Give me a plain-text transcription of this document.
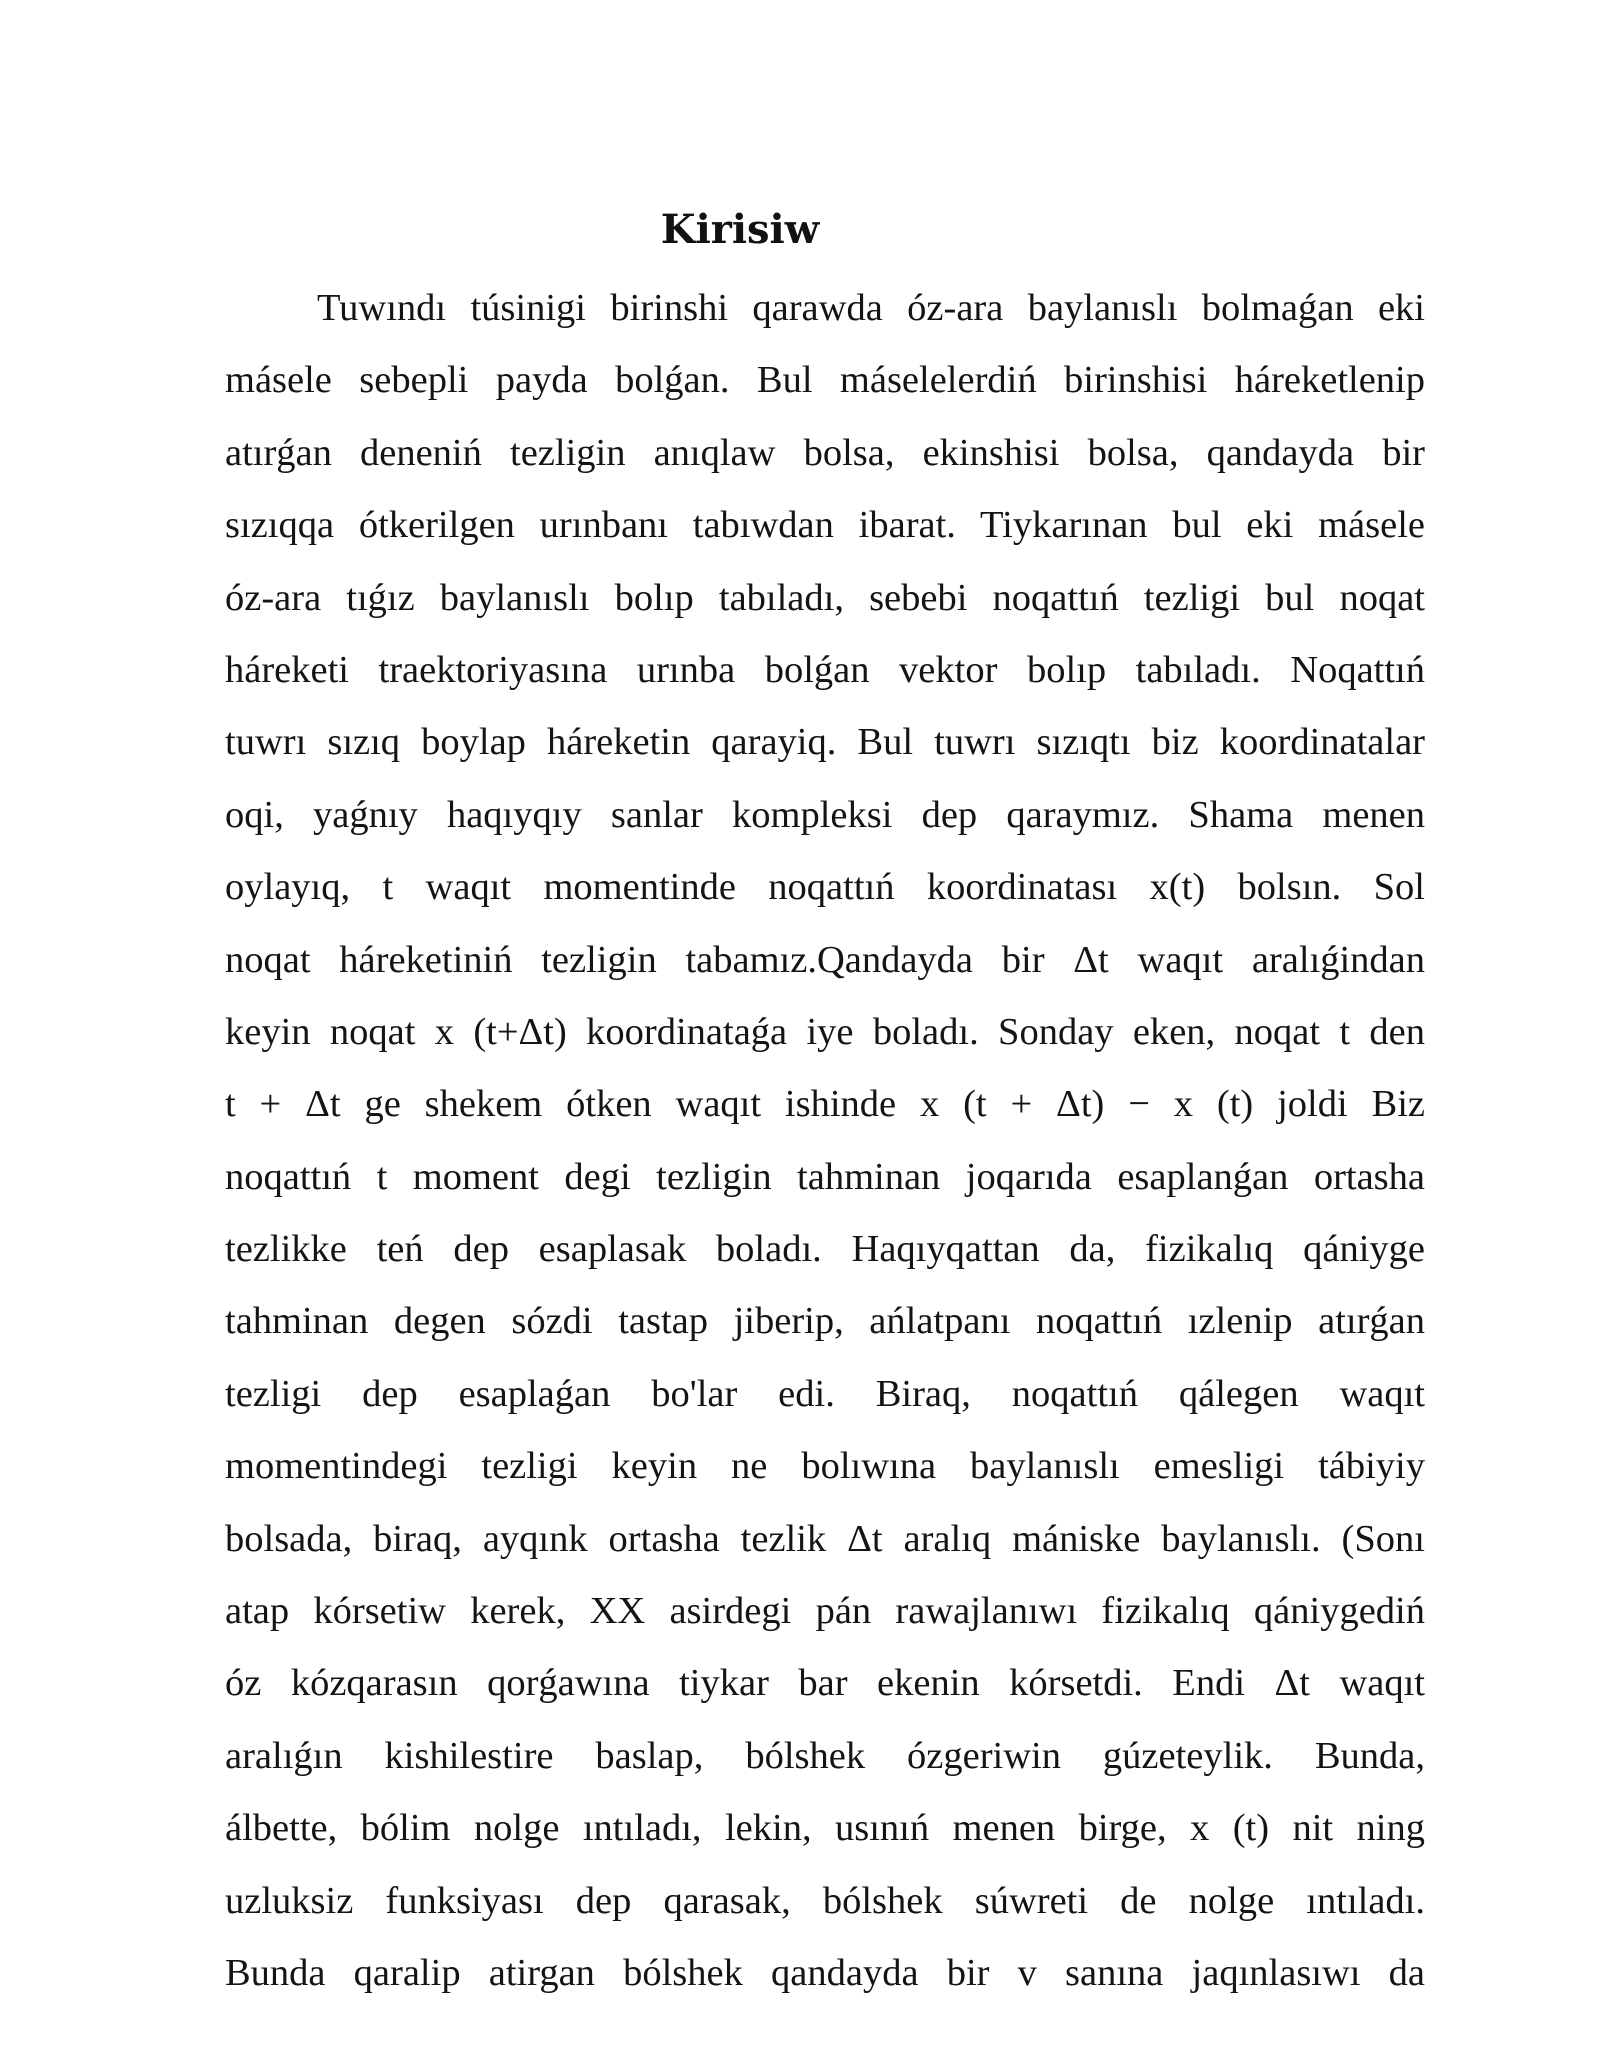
Kirisiw
Tuwındı túsinigi birinshi qarawda óz-ara baylanıslı bolmaǵan eki
másele sebepli payda bolǵan. Bul máselelerdiń birinshisi háreketlenip
atırǵan deneniń tezligin anıqlaw bolsa, ekinshisi bolsa, qandayda bir
sızıqqa ótkerilgen urınbanı tabıwdan ibarat. Tiykarınan bul eki másele
óz-ara tıǵız baylanıslı bolıp tabıladı, sebebi noqattıń tezligi bul noqat
háreketi traektoriyasına urınba bolǵan vektor bolıp tabıladı. Noqattıń
tuwrı sızıq boylap háreketin qarayiq. Bul tuwrı sızıqtı biz koordinatalar
oqi, yaǵnıy haqıyqıy sanlar kompleksi dep qaraymız. Shama menen
oylayıq, t waqıt momentinde noqattıń koordinatası x(t) bolsın. Sol
noqat háreketiniń tezligin tabamız.Qandayda bir Δt waqıt aralıǵindan
keyin noqat x (t+Δt) koordinataǵa iye boladı. Sonday eken, noqat t den
t + Δt ge shekem ótken waqıt ishinde x (t + Δt) − x (t) joldi Biz
noqattıń t moment degi tezligin tahminan joqarıda esaplanǵan ortasha
tezlikke teń dep esaplasak boladı. Haqıyqattan da, fizikalıq qániyge
tahminan degen sózdi tastap jiberip, ańlatpanı noqattıń ızlenip atırǵan
tezligi dep esaplaǵan bo'lar edi. Biraq, noqattıń qálegen waqıt
momentindegi tezligi keyin ne bolıwına baylanıslı emesligi tábiyiy
bolsada, biraq, ayqınk ortasha tezlik Δt aralıq mániske baylanıslı. (Sonı
atap kórsetiw kerek, XX asirdegi pán rawajlanıwı fizikalıq qániygediń
óz kózqarasın qorǵawına tiykar bar ekenin kórsetdi. Endi Δt waqıt
aralıǵın kishilestire baslap, bólshek ózgeriwin gúzeteylik. Bunda,
álbette, bólim nolge ıntıladı, lekin, usınıń menen birge, x (t) nit ning
uzluksiz funksiyası dep qarasak, bólshek súwreti de nolge ıntıladı.
Bunda qaralip atirgan bólshek qandayda bir v sanına jaqınlasıwı da
